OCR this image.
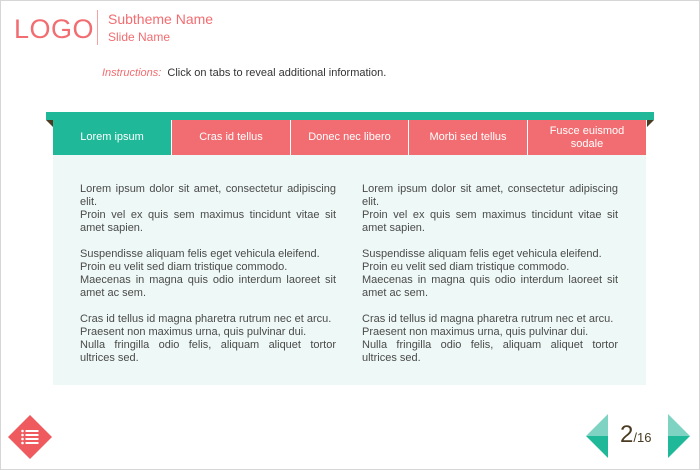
LOGO Subtheme Name
Slide Name
Instructions: Click on tabs to reveal additional information.
Lorem ipsum	Cras id tellus	Donec nec libero	Morbi sed tellus
Fusce euismod sodale

Lorem ipsum dolor sit amet, consectetur adipiscing elit.
Proin vel ex quis sem maximus tincidunt vitae sit amet sapien.

Suspendisse aliquam felis eget vehicula eleifend.
Proin eu velit sed diam tristique commodo.
Maecenas in magna quis odio interdum laoreet sit amet ac sem.

Cras id tellus id magna pharetra rutrum nec et arcu.
Praesent non maximus urna, quis pulvinar dui.
Nulla fringilla odio felis, aliquam aliquet tortor ultrices sed.

Lorem ipsum dolor sit amet, consectetur adipiscing elit.
Proin vel ex quis sem maximus tincidunt vitae sit amet sapien.

Suspendisse aliquam felis eget vehicula eleifend.
Proin eu velit sed diam tristique commodo.
Maecenas in magna quis odio interdum laoreet sit amet ac sem.

Cras id tellus id magna pharetra rutrum nec et arcu.
Praesent non maximus urna, quis pulvinar dui.
Nulla fringilla odio felis, aliquam aliquet tortor ultrices sed.

2/16
